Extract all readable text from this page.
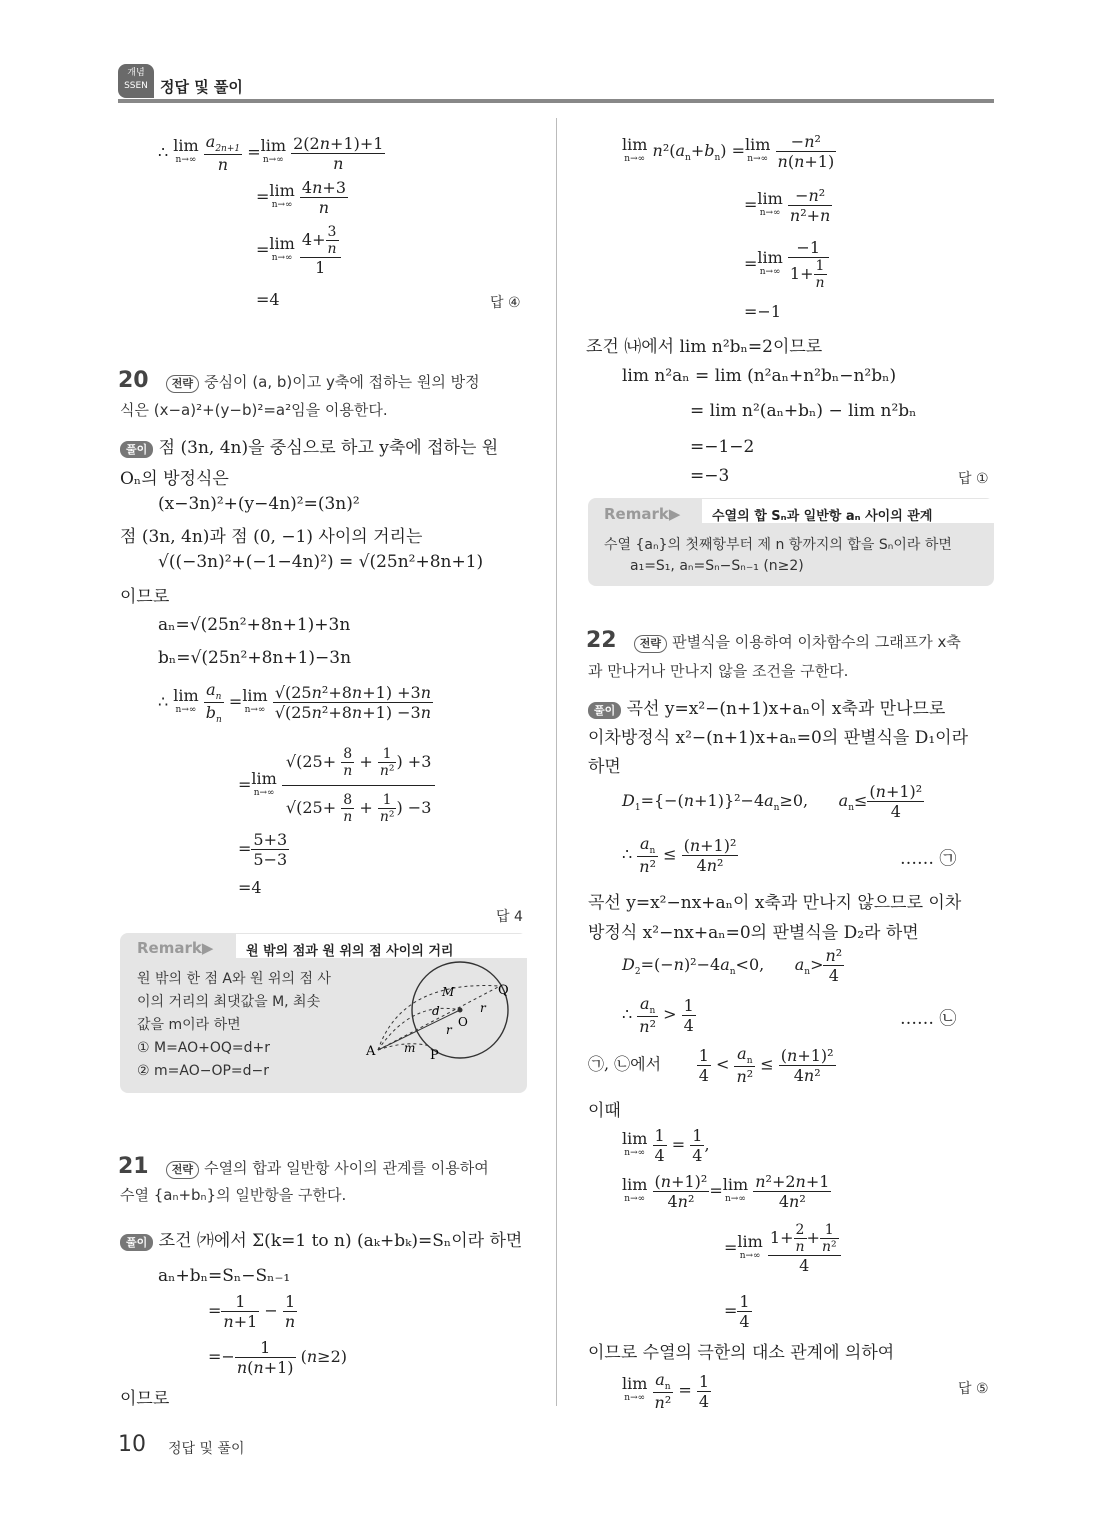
개념
SSEN 정답 및 풀이
∴ lim
n→∞
$\frac{a_{2n+1}}{n} =\lim$
n→∞
$\frac{2(2n+1)+1}{n}$
=lim
n→∞
$\frac{4n+3}{n}$
=lim
n→∞
$\frac{4+ \frac{3}{n}}{1}$
=4	답 ④
20 전략 중심이 (a, b)이고 y축에 접하는 원의 방정
식은 (x−a)²+(y−b)²=a²임을 이용한다.
풀이 점 (3n, 4n)을 중심으로 하고 y축에 접하는 원
Oₙ의 방정식은
(x−3n)²+(y−4n)²=(3n)²
점 (3n, 4n)과 점 (0, −1) 사이의 거리는
√((−3n)²+(−1−4n)²) = √(25n²+8n+1)
이므로
aₙ=√(25n²+8n+1)+3n
bₙ=√(25n²+8n+1)−3n
∴ lim
n→∞
$\frac{a_n}{b_n} =\lim$
n→∞
$\frac{\text{√(25n²+8n+1) +3n}}{\text{√(25n²+8n+1) −3n}}$
=lim
n→∞
$\frac{√(25+ \frac{8}{n} + \frac{1}{\text{n²}} ) +3}{√(25+ \frac{8}{n} + \frac{1}{\text{n²}} ) -3}$
= $\frac{5+3}{5-3}$
=4
답 4
Remark▶	원 밖의 점과 원 위의 점 사이의 거리
원 밖의 한 점 A와 원 위의 점 사
이의 거리의 최댓값을 M, 최솟
값을 m이라 하면
① M=AO+OQ=d+r
② m=AO−OP=d−r
A	P
Q
O
M
d
r
r
m
21 전략 수열의 합과 일반항 사이의 관계를 이용하여
수열 {aₙ+bₙ}의 일반항을 구한다.
풀이 조건 ㈎에서 Σ(k=1 to n) (aₖ+bₖ)=Sₙ이라 하면
aₙ+bₙ=Sₙ−Sₙ₋₁
= $\frac{1}{n+1} - \frac{1}{n}$
=− $\frac{1}{n(n+1)} (n\ge 2)$
이므로
lim
n→∞ $n^2(a_n+b_n) =\lim$
n→∞
$\frac{\text{−n²}}{n(n+1)}$
=lim
n→∞
$\frac{\text{−n²}}{\text{n²+n}}$
=lim
n→∞
$\frac{-1}{1+ \frac{1}{n}}$
=−1
조건 ㈏에서 lim n²bₙ=2이므로
lim n²aₙ = lim (n²aₙ+n²bₙ−n²bₙ)
= lim n²(aₙ+bₙ) − lim n²bₙ
=−1−2
=−3	답 ①
Remark▶ 수열의 합 Sₙ과 일반항 aₙ 사이의 관계
수열 {aₙ}의 첫째항부터 제 n 항까지의 합을 Sₙ이라 하면
a₁=S₁, aₙ=Sₙ−Sₙ₋₁ (n≥2)
22 전략 판별식을 이용하여 이차함수의 그래프가 x축
과 만나거나 만나지 않을 조건을 구한다.
풀이 곡선 y=x²−(n+1)x+aₙ이 x축과 만나므로
이차방정식 x²−(n+1)x+aₙ=0의 판별식을 D₁이라
하면
$D_1=\{-(n+1)\}^2-4a_n\ge 0$,      $a_n\le \frac{\text{(n+1)²}}{4}$
∴ $\frac{a_n}{\text{n²}} \le \frac{\text{(n+1)²}}{\text{4n²}}$	…… ㉠
곡선 y=x²−nx+aₙ이 x축과 만나지 않으므로 이차
방정식 x²−nx+aₙ=0의 판별식을 D₂라 하면
$D_2=(-n)^2-4a_n<0$,      $a_n> \frac{\text{n²}}{4}$
∴ $\frac{a_n}{\text{n²}} > \frac{1}{4}$	…… ㉡
㉠, ㉡에서 $\frac{1}{4} < \frac{a_n}{\text{n²}} \le \frac{\text{(n+1)²}}{\text{4n²}}$
이때
lim
n→∞
$\frac{1}{4} = \frac{1}{4}$ ,
lim
n→∞
$\frac{\text{(n+1)²}}{\text{4n²}} =\lim$
n→∞
$\frac{\text{n²+2n+1}}{\text{4n²}}$
=lim
n→∞
$\frac{1+ \frac{2}{n} + \frac{1}{\text{n²}}}{4}$
= $\frac{1}{4}$
이므로 수열의 극한의 대소 관계에 의하여
lim
n→∞
$\frac{a_n}{\text{n²}} = \frac{1}{4}$	답 ⑤
10 정답 및 풀이
